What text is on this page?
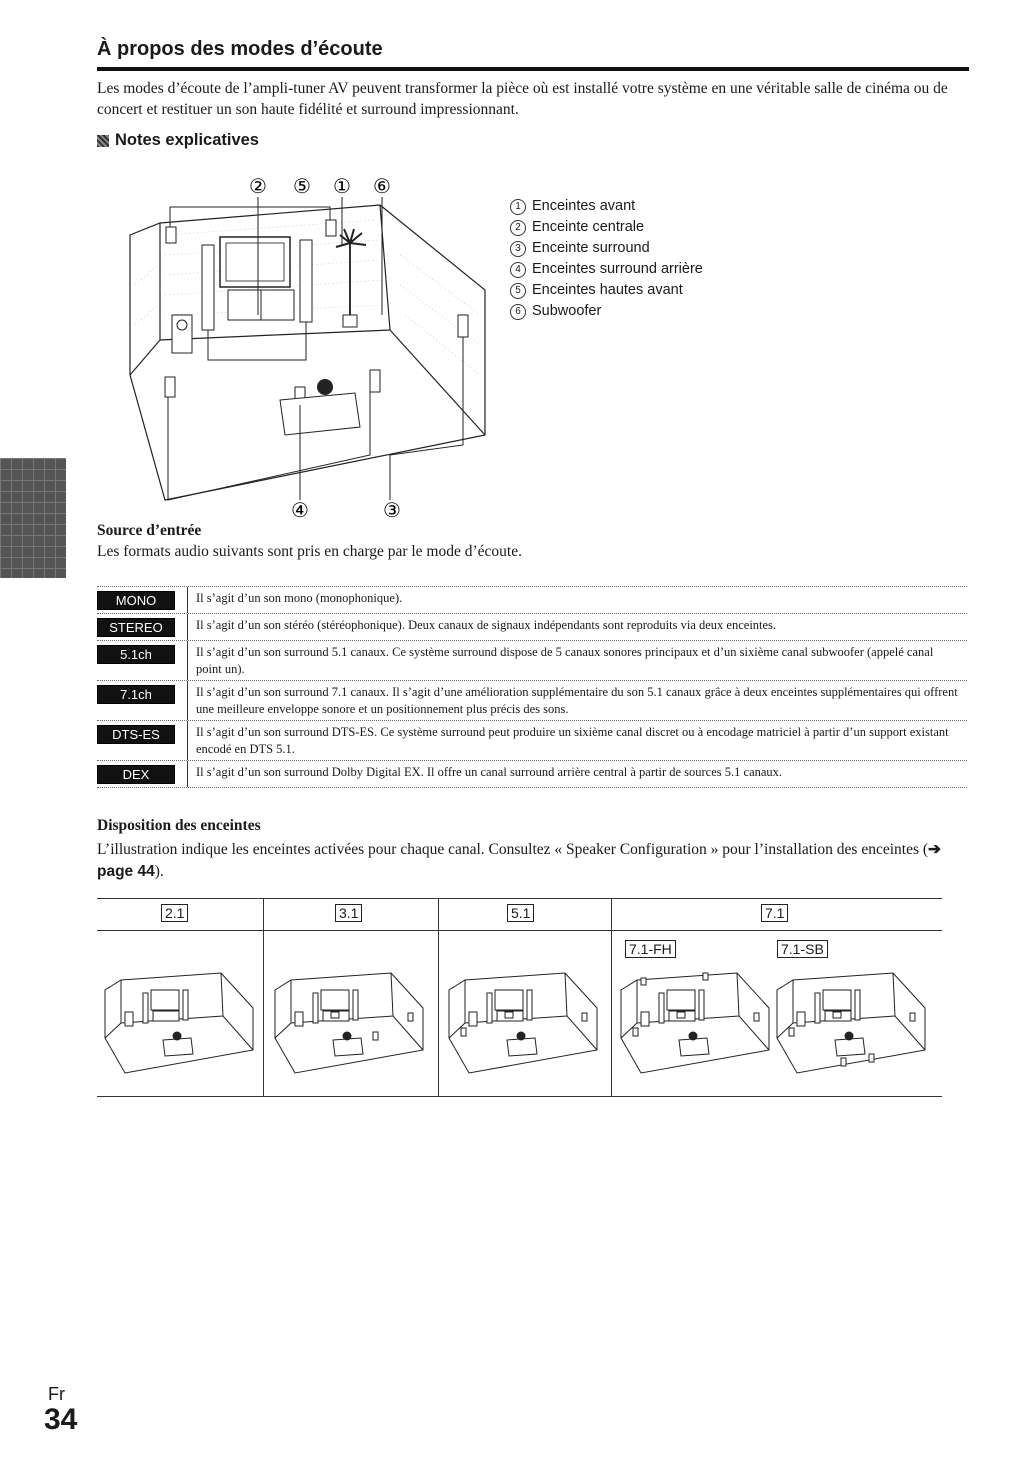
À propos des modes d’écoute
Les modes d’écoute de l’ampli-tuner AV peuvent transformer la pièce où est installé votre système en une véritable salle de cinéma ou de concert et restituer un son haute fidélité et surround impressionnant.
Notes explicatives
② ⑤ ① ⑥
④	③
1 Enceintes avant
2 Enceinte centrale
3 Enceinte surround
4 Enceintes surround arrière
5 Enceintes hautes avant
6 Subwoofer
Source d’entrée
Les formats audio suivants sont pris en charge par le mode d’écoute.
MONO	Il s’agit d’un son mono (monophonique).
STEREO	Il s’agit d’un son stéréo (stéréophonique). Deux canaux de signaux indépendants sont reproduits via deux enceintes.
5.1ch	Il s’agit d’un son surround 5.1 canaux. Ce système surround dispose de 5 canaux sonores principaux et d’un sixième canal subwoofer (appelé canal point un).
7.1ch	Il s’agit d’un son surround 7.1 canaux. Il s’agit d’une amélioration supplémentaire du son 5.1 canaux grâce à deux enceintes supplémentaires qui offrent une meilleure enveloppe sonore et un positionnement plus précis des sons.
DTS-ES	Il s’agit d’un son surround DTS-ES. Ce système surround peut produire un sixième canal discret ou à encodage matriciel à partir d’un support existant encodé en DTS 5.1.
DEX	Il s’agit d’un son surround Dolby Digital EX. Il offre un canal surround arrière central à partir de sources 5.1 canaux.
Disposition des enceintes
L’illustration indique les enceintes activées pour chaque canal. Consultez « Speaker Configuration » pour l’installation des enceintes (➔ page 44).
2.1	3.1	5.1	7.1
7.1-FH	7.1-SB
Fr
34
